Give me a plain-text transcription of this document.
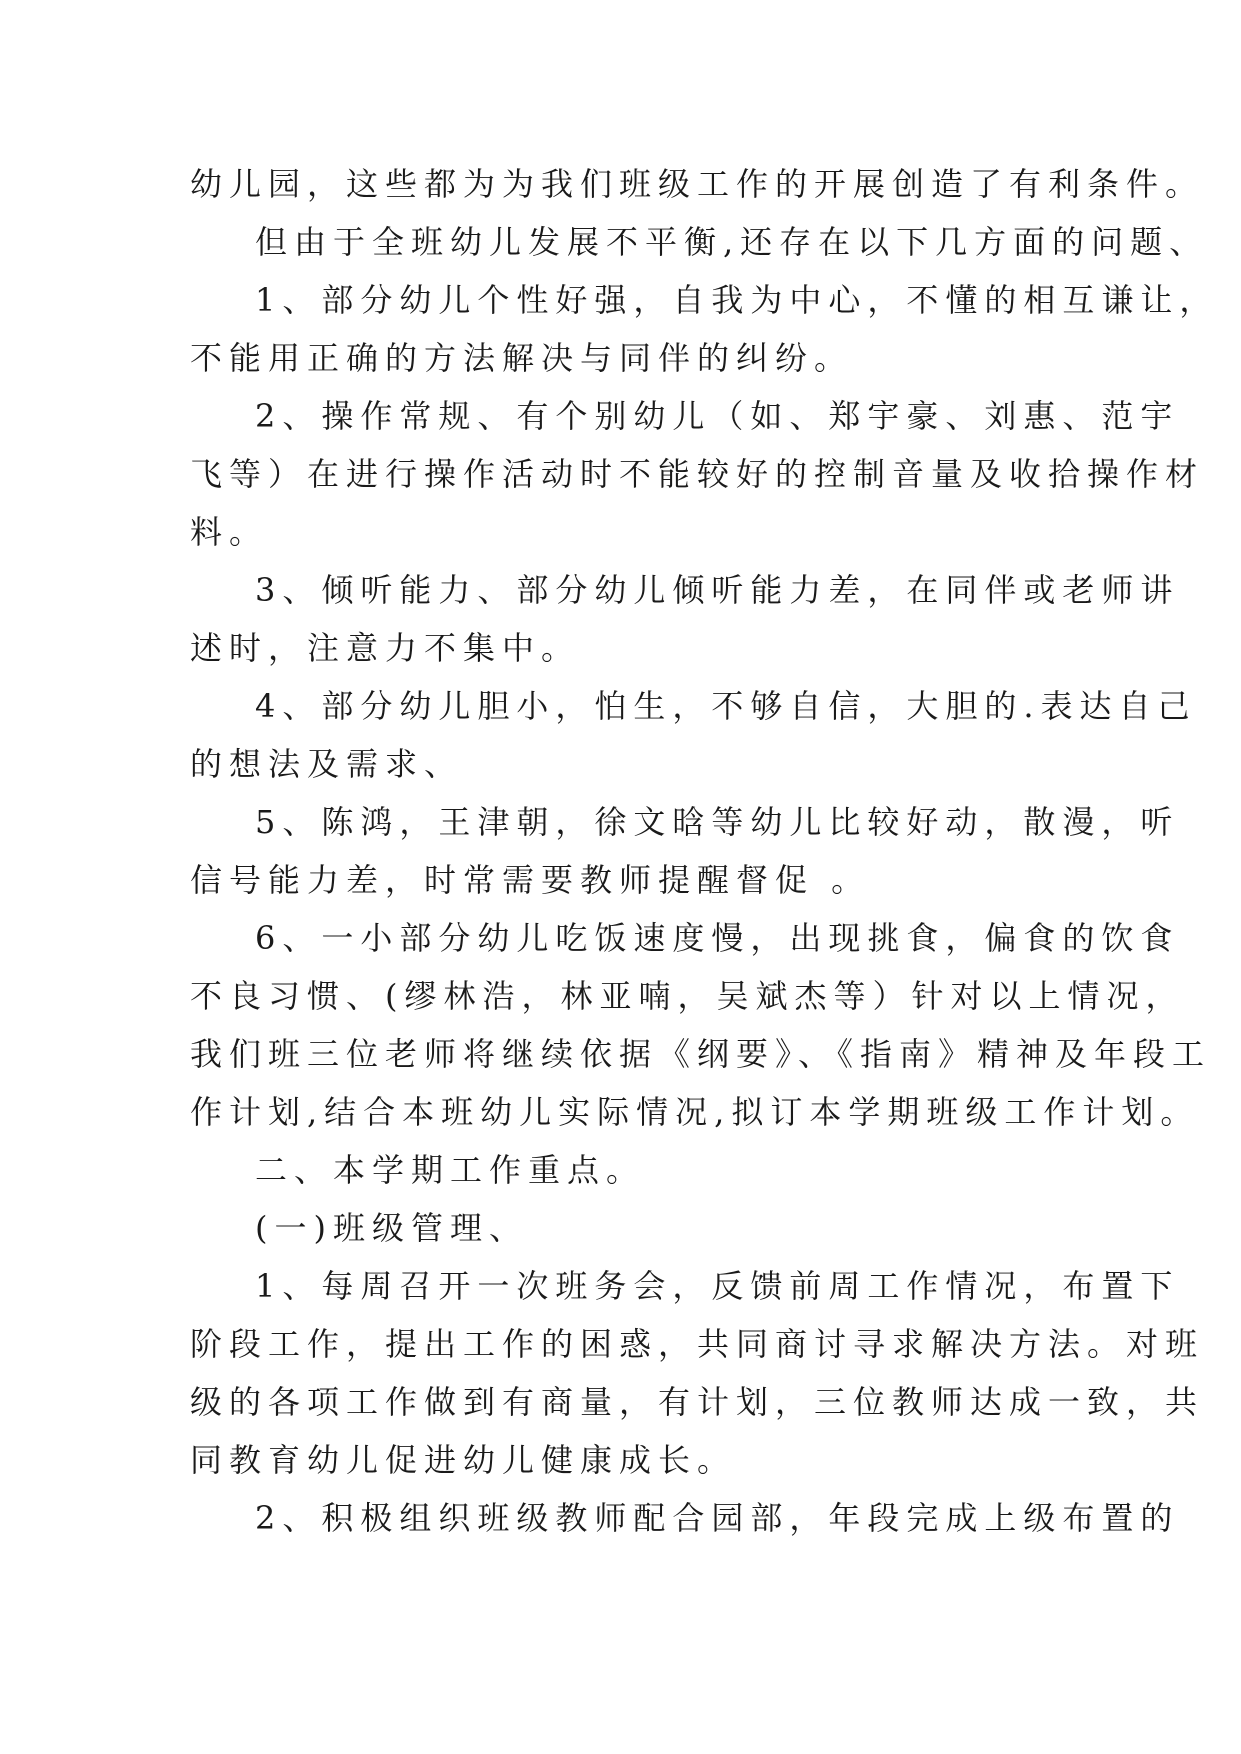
幼儿园，这些都为为我们班级工作的开展创造了有利条件。
但由于全班幼儿发展不平衡,还存在以下几方面的问题、
1、部分幼儿个性好强，自我为中心，不懂的相互谦让，
不能用正确的方法解决与同伴的纠纷。
2、操作常规、有个别幼儿（如、郑宇豪、刘惠、范宇
飞等）在进行操作活动时不能较好的控制音量及收拾操作材
料。
3、倾听能力、部分幼儿倾听能力差，在同伴或老师讲
述时，注意力不集中。
4、部分幼儿胆小，怕生，不够自信，大胆的.表达自己
的想法及需求、
5、陈鸿，王津朝，徐文晗等幼儿比较好动，散漫，听
信号能力差，时常需要教师提醒督促 。
6、一小部分幼儿吃饭速度慢，出现挑食，偏食的饮食
不良习惯、(缪林浩，林亚喃，吴斌杰等）针对以上情况，
我们班三位老师将继续依据《纲要》、《指南》精神及年段工
作计划,结合本班幼儿实际情况,拟订本学期班级工作计划。
二、本学期工作重点。
(一)班级管理、
1、每周召开一次班务会，反馈前周工作情况，布置下
阶段工作，提出工作的困惑，共同商讨寻求解决方法。对班
级的各项工作做到有商量，有计划，三位教师达成一致，共
同教育幼儿促进幼儿健康成长。
2、积极组织班级教师配合园部，年段完成上级布置的
